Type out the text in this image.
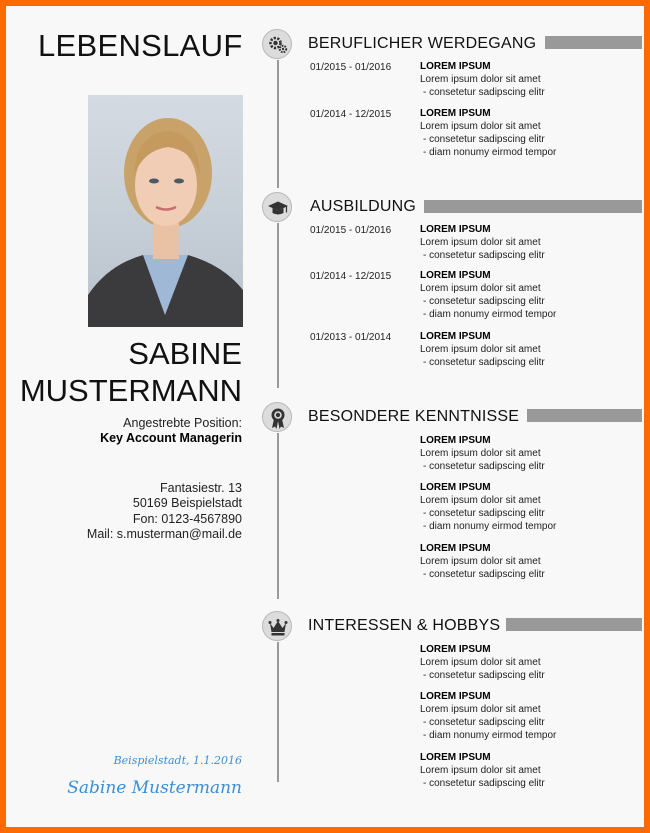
LEBENSLAUF
SABINE
MUSTERMANN
Angestrebte Position:
Key Account Managerin
Fantasiestr. 13
50169 Beispielstadt
Fon: 0123-4567890
Mail: s.musterman@mail.de
Beispielstadt, 1.1.2016
Sabine Mustermann
BERUFLICHER WERDEGANG
01/2015 - 01/2016	LOREM IPSUM
Lorem ipsum dolor sit amet
- consetetur sadipscing elitr
01/2014 - 12/2015	LOREM IPSUM
Lorem ipsum dolor sit amet
- consetetur sadipscing elitr
- diam nonumy eirmod tempor
AUSBILDUNG
01/2015 - 01/2016	LOREM IPSUM
Lorem ipsum dolor sit amet
- consetetur sadipscing elitr
01/2014 - 12/2015	LOREM IPSUM
Lorem ipsum dolor sit amet
- consetetur sadipscing elitr
- diam nonumy eirmod tempor
01/2013 - 01/2014	LOREM IPSUM
Lorem ipsum dolor sit amet
- consetetur sadipscing elitr
BESONDERE KENNTNISSE
LOREM IPSUM
Lorem ipsum dolor sit amet
- consetetur sadipscing elitr
LOREM IPSUM
Lorem ipsum dolor sit amet
- consetetur sadipscing elitr
- diam nonumy eirmod tempor
LOREM IPSUM
Lorem ipsum dolor sit amet
- consetetur sadipscing elitr
INTERESSEN & HOBBYS
LOREM IPSUM
Lorem ipsum dolor sit amet
- consetetur sadipscing elitr
LOREM IPSUM
Lorem ipsum dolor sit amet
- consetetur sadipscing elitr
- diam nonumy eirmod tempor
LOREM IPSUM
Lorem ipsum dolor sit amet
- consetetur sadipscing elitr
